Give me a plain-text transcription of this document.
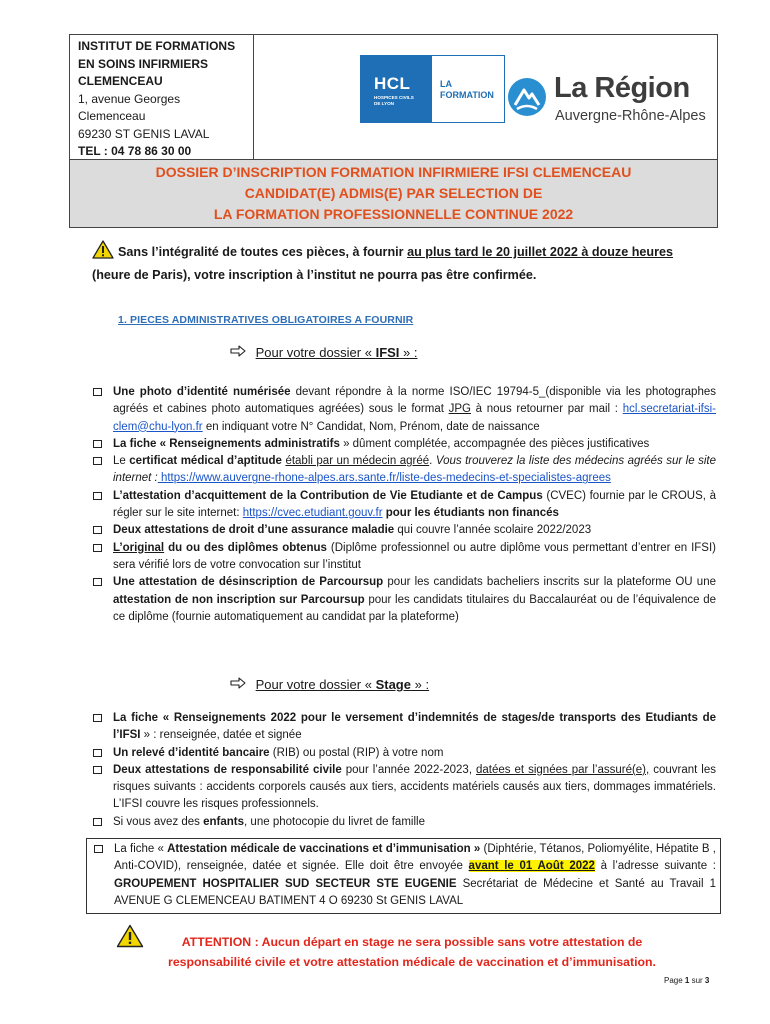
INSTITUT DE FORMATIONS
EN SOINS INFIRMIERS
CLEMENCEAU
1, avenue Georges
Clemenceau
69230 ST GENIS LAVAL
TEL : 04 78 86 30 00
HCL
HOSPICES CIVILS
DE LYON
LA
FORMATION	La Région
Auvergne-Rhône-Alpes
DOSSIER D’INSCRIPTION FORMATION INFIRMIERE IFSI CLEMENCEAU
CANDIDAT(E) ADMIS(E) PAR SELECTION DE
LA FORMATION PROFESSIONNELLE CONTINUE 2022
Sans l’intégralité de toutes ces pièces, à fournir au plus tard le 20 juillet 2022 à douze heures
(heure de Paris), votre inscription à l’institut ne pourra pas être confirmée.
1. PIECES ADMINISTRATIVES OBLIGATOIRES A FOURNIR
Pour votre dossier « IFSI » :
Une photo d’identité numérisée devant répondre à la norme ISO/IEC 19794-5_(disponible via les photographes agréés et cabines photo automatiques agréées) sous le format JPG à nous retourner par mail : hcl.secretariat-ifsi-clem@chu-lyon.fr en indiquant votre N° Candidat, Nom, Prénom, date de naissance
La fiche « Renseignements administratifs » dûment complétée, accompagnée des pièces justificatives
Le certificat médical d’aptitude établi par un médecin agréé. Vous trouverez la liste des médecins agréés sur le site internet : https://www.auvergne-rhone-alpes.ars.sante.fr/liste-des-medecins-et-specialistes-agrees
L’attestation d’acquittement de la Contribution de Vie Etudiante et de Campus (CVEC) fournie par le CROUS, à régler sur le site internet: https://cvec.etudiant.gouv.fr pour les étudiants non financés
Deux attestations de droit d’une assurance maladie qui couvre l’année scolaire 2022/2023
L’original du ou des diplômes obtenus (Diplôme professionnel ou autre diplôme vous permettant d’entrer en IFSI) sera vérifié lors de votre convocation sur l’institut
Une attestation de désinscription de Parcoursup pour les candidats bacheliers inscrits sur la plateforme OU une attestation de non inscription sur Parcoursup pour les candidats titulaires du Baccalauréat ou de l’équivalence de ce diplôme (fournie automatiquement au candidat par la plateforme)
Pour votre dossier « Stage » :
La fiche « Renseignements 2022 pour le versement d’indemnités de stages/de transports des Etudiants de l’IFSI » : renseignée, datée et signée
Un relevé d’identité bancaire (RIB) ou postal (RIP) à votre nom
Deux attestations de responsabilité civile pour l’année 2022-2023, datées et signées par l’assuré(e), couvrant les risques suivants : accidents corporels causés aux tiers, accidents matériels causés aux tiers, dommages immatériels. L’IFSI couvre les risques professionnels.
Si vous avez des enfants, une photocopie du livret de famille
La fiche « Attestation médicale de vaccinations et d’immunisation » (Diphtérie, Tétanos, Poliomyélite, Hépatite B , Anti-COVID), renseignée, datée et signée. Elle doit être envoyée avant le 01 Août 2022 à l’adresse suivante : GROUPEMENT HOSPITALIER SUD SECTEUR STE EUGENIE Secrétariat de Médecine et Santé au Travail 1 AVENUE G CLEMENCEAU BATIMENT 4 O 69230 St GENIS LAVAL
ATTENTION : Aucun départ en stage ne sera possible sans votre attestation de
responsabilité civile et votre attestation médicale de vaccination et d’immunisation.
Page 1 sur 3
